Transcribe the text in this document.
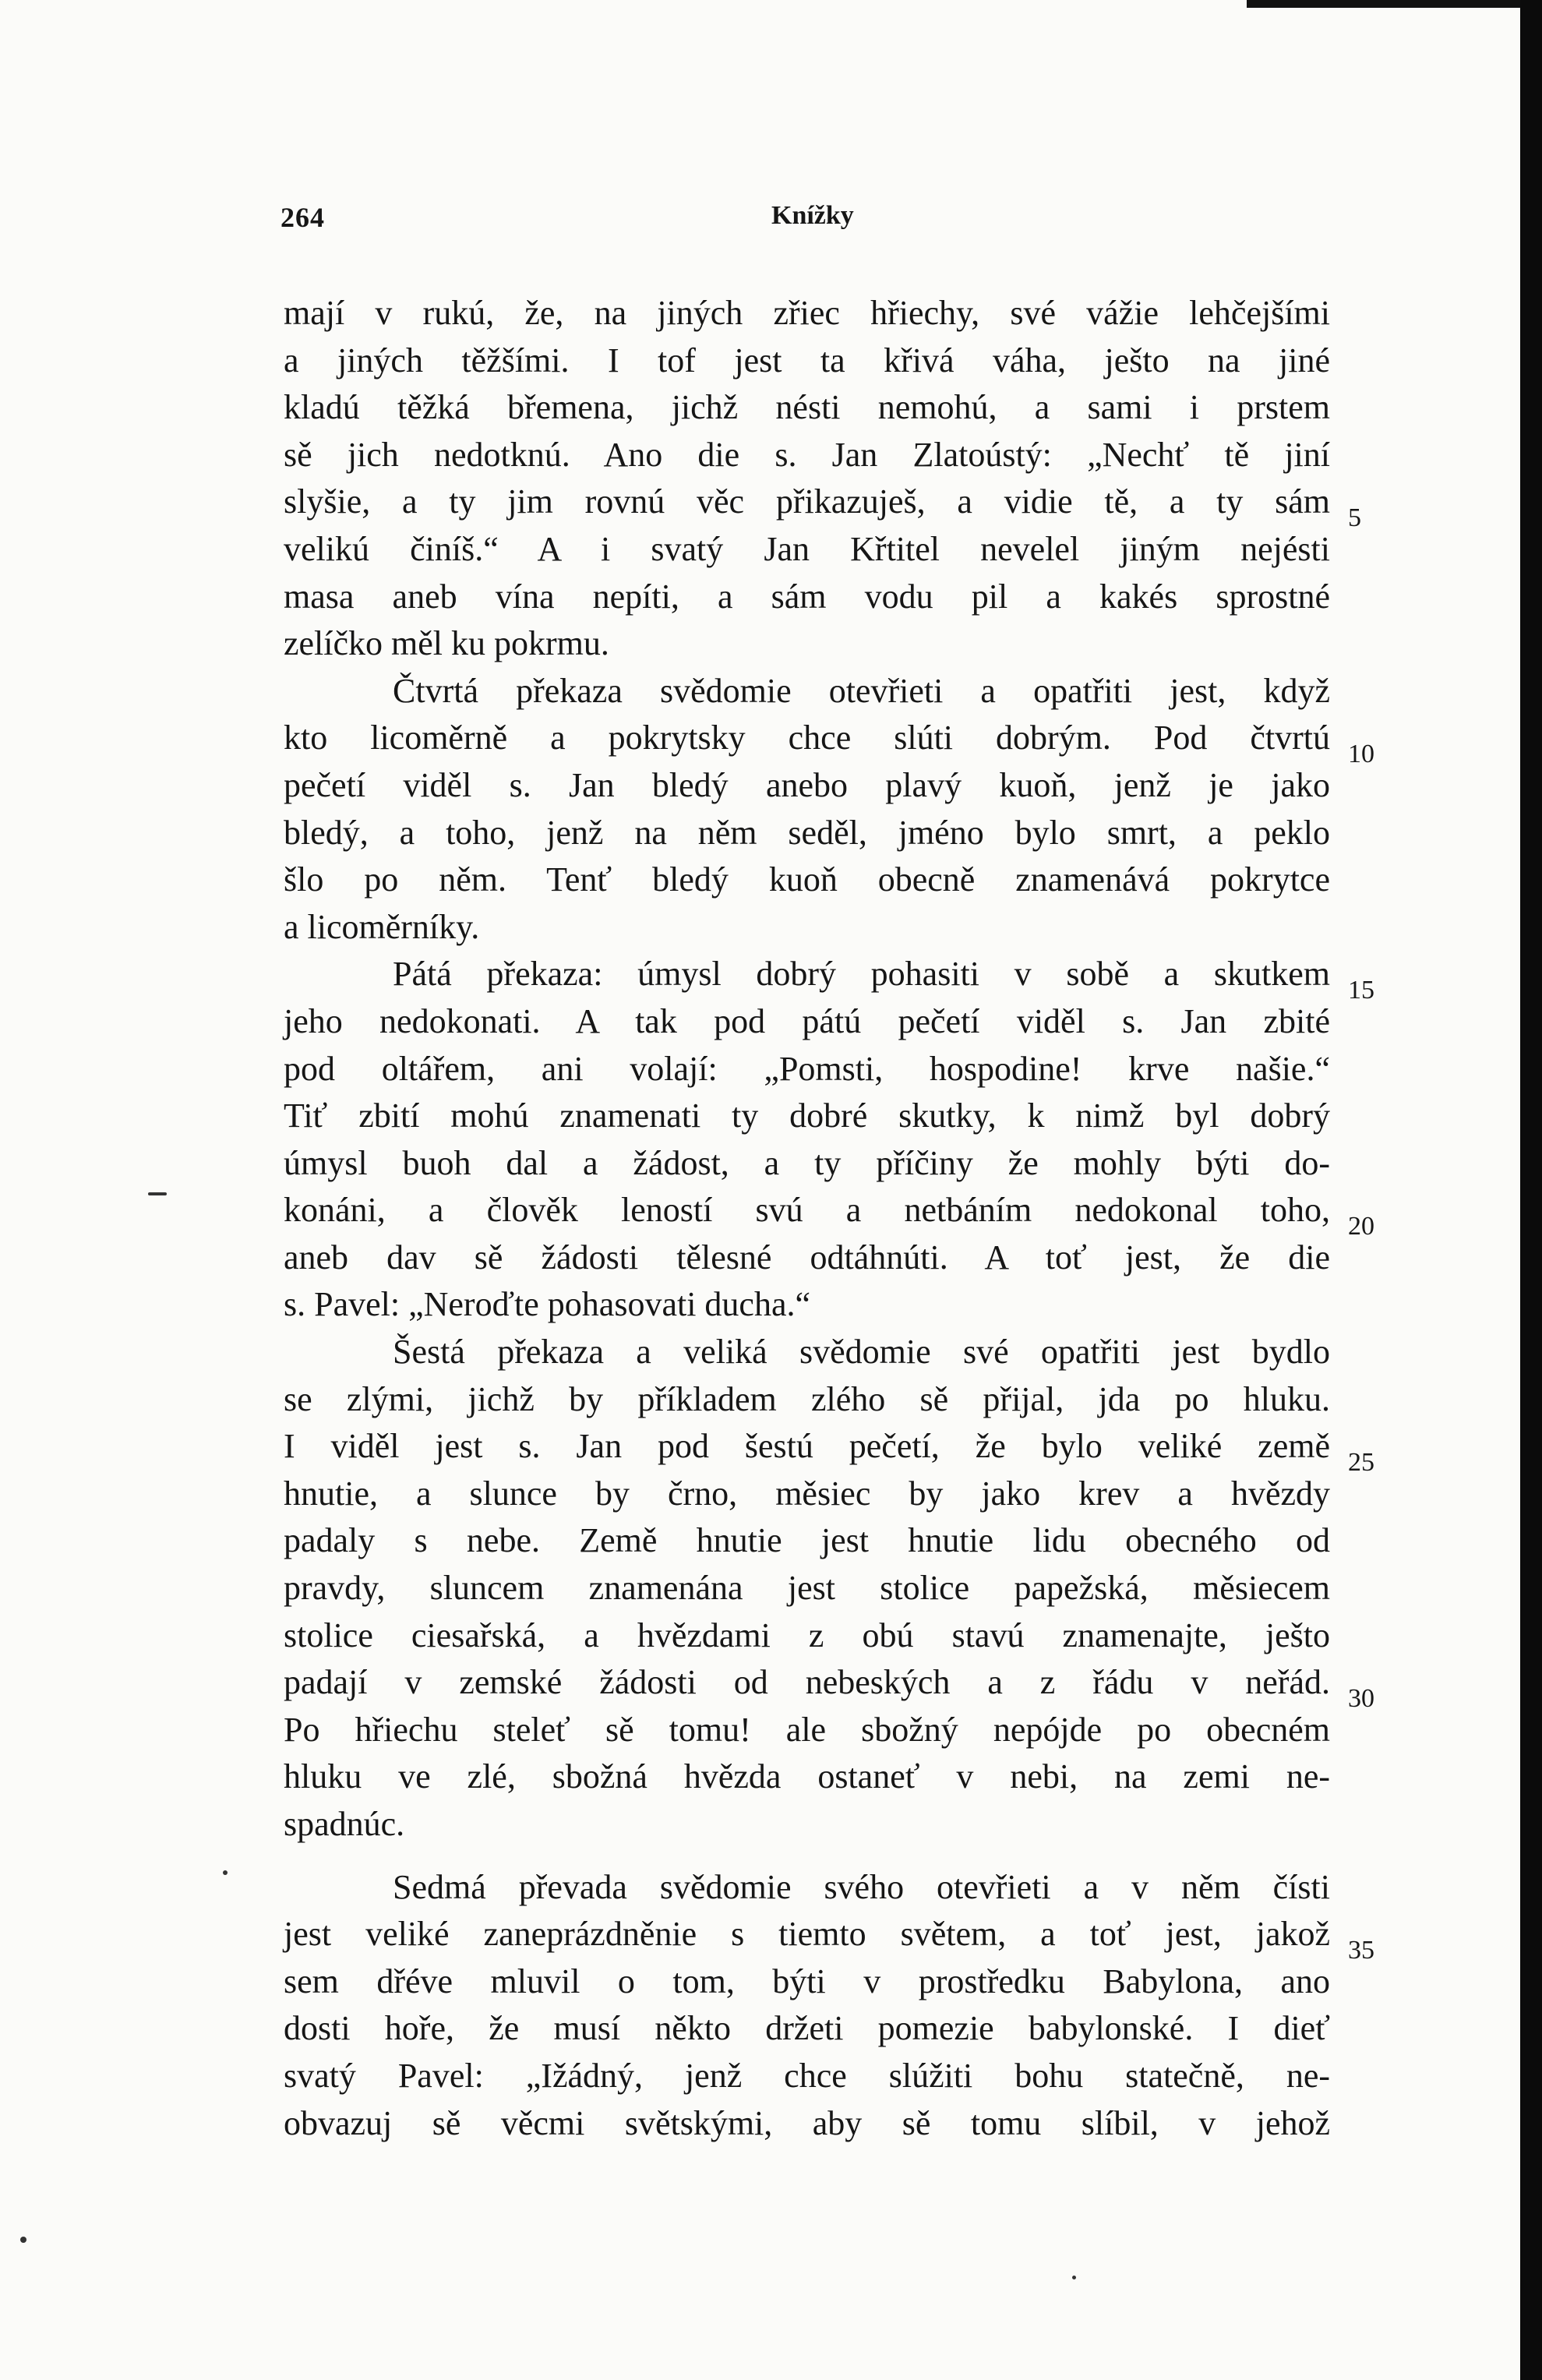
264	Knížky
mají v rukú, že, na jiných zřiec hřiechy, své vážie lehčejšími
a jiných těžšími. I tof jest ta křivá váha, ješto na jiné
kladú těžká břemena, jichž nésti nemohú, a sami i prstem
sě jich nedotknú. Ano die s. Jan Zlatoústý: „Nechť tě jiní
slyšie, a ty jim rovnú věc přikazuješ, a vidie tě, a ty sám
velikú činíš.“ A i svatý Jan Křtitel nevelel jiným nejésti
masa aneb vína nepíti, a sám vodu pil a kakés sprostné
zelíčko měl ku pokrmu.
Čtvrtá překaza svědomie otevřieti a opatřiti jest, když
kto licoměrně a pokrytsky chce slúti dobrým. Pod čtvrtú
pečetí viděl s. Jan bledý anebo plavý kuoň, jenž je jako
bledý, a toho, jenž na něm seděl, jméno bylo smrt, a peklo
šlo po něm. Tenť bledý kuoň obecně znamenává pokrytce
a licoměrníky.
Pátá překaza: úmysl dobrý pohasiti v sobě a skutkem
jeho nedokonati. A tak pod pátú pečetí viděl s. Jan zbité
pod oltářem, ani volají: „Pomsti, hospodine! krve našie.“
Tiť zbití mohú znamenati ty dobré skutky, k nimž byl dobrý
úmysl buoh dal a žádost, a ty příčiny že mohly býti do-
konáni, a člověk leností svú a netbáním nedokonal toho,
aneb dav sě žádosti tělesné odtáhnúti. A toť jest, že die
s. Pavel: „Neroďte pohasovati ducha.“
Šestá překaza a veliká svědomie své opatřiti jest bydlo
se zlými, jichž by příkladem zlého sě přijal, jda po hluku.
I viděl jest s. Jan pod šestú pečetí, že bylo veliké země
hnutie, a slunce by črno, měsiec by jako krev a hvězdy
padaly s nebe. Země hnutie jest hnutie lidu obecného od
pravdy, sluncem znamenána jest stolice papežská, měsiecem
stolice ciesařská, a hvězdami z obú stavú znamenajte, ješto
padají v zemské žádosti od nebeských a z řádu v neřád.
Po hřiechu steleť sě tomu! ale sbožný nepójde po obecném
hluku ve zlé, sbožná hvězda ostaneť v nebi, na zemi ne-
spadnúc.
Sedmá převada svědomie svého otevřieti a v něm čísti
jest veliké zaneprázdněnie s tiemto světem, a toť jest, jakož
sem dřéve mluvil o tom, býti v prostředku Babylona, ano
dosti hoře, že musí někto držeti pomezie babylonské. I dieť
svatý Pavel: „Ižádný, jenž chce slúžiti bohu statečně, ne-
obvazuj sě věcmi světskými, aby sě tomu slíbil, v jehož
5
10
15
20
25
30
35
